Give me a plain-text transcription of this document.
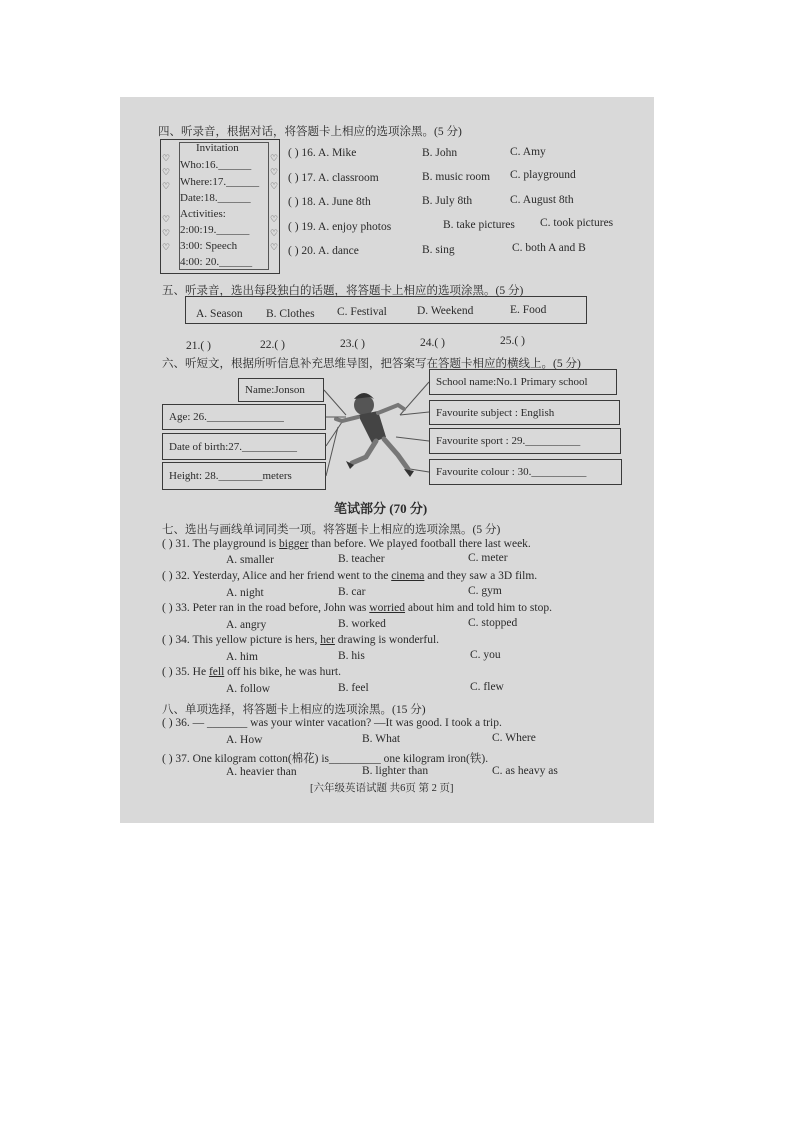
四、听录音，根据对话，将答题卡上相应的选项涂黑。(5 分)
♡
♡
♡
♡
♡
♡
♡
♡
♡
♡
♡
♡
Invitation
Who:16.______
Where:17.______
Date:18.______
Activities:
2:00:19.______
3:00: Speech
4:00: 20.______
( ) 16. A. Mike	B. John	C. Amy
( ) 17. A. classroom	B. music room C. playground
( ) 18. A. June 8th	B. July 8th	C. August 8th
( ) 19. A. enjoy photos	B. take pictures C. took pictures
( ) 20. A. dance	B. sing	C. both A and B
五、听录音，选出每段独白的话题，将答题卡上相应的选项涂黑。(5 分)
A. Season B. Clothes C. Festival	D. Weekend	E. Food
21.( )	22.( )	23.( )	24.( )	25.( )
六、听短文，根据所听信息补充思维导图，把答案写在答题卡相应的横线上。(5 分)
Name:Jonson
Age: 26.______________
Date of birth:27.__________
Height: 28.________meters
School name:No.1 Primary school
Favourite subject : English
Favourite sport : 29.__________
Favourite colour : 30.__________
笔试部分 (70 分)
七、选出与画线单词同类一项。将答题卡上相应的选项涂黑。(5 分)
( ) 31. The playground is bigger than before. We played football there last week.
A. smaller	B. teacher	C. meter
( ) 32. Yesterday, Alice and her friend went to the cinema and they saw a 3D film.
A. night	B. car	C. gym
( ) 33. Peter ran in the road before, John was worried about him and told him to stop.
A. angry	B. worked	C. stopped
( ) 34. This yellow picture is hers, her drawing is wonderful.
A. him	B. his	C. you
( ) 35. He fell off his bike, he was hurt.
A. follow	B. feel	C. flew
八、单项选择，将答题卡上相应的选项涂黑。(15 分)
( ) 36. — _______ was your winter vacation? —It was good. I took a trip.
A. How	B. What	C. Where
( ) 37. One kilogram cotton(棉花) is_________ one kilogram iron(铁).
A. heavier than	B. lighter than	C. as heavy as
[六年级英语试题 共6页 第 2 页]
